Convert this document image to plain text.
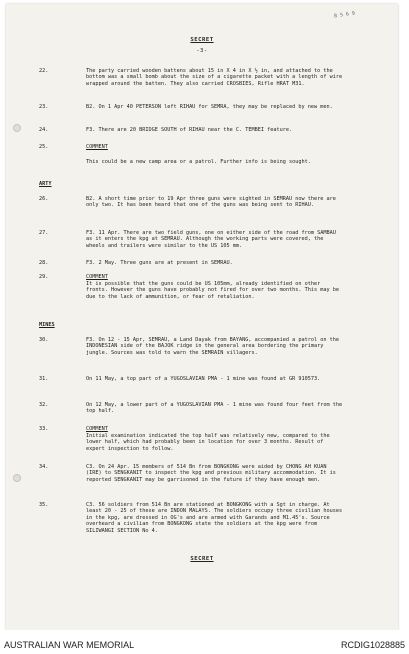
8 5 6 9
SECRET
-3-
22.	The party carried wooden battens about 15 in X 4 in X ½ in, and attached to the bottom was a small bomb about the size of a cigarette packet with a length of wire wrapped around the batten. They also carried CROSBIES, Rifle HRAT M31.
23.	B2. On 1 Apr 40 PETERSON left RIHAU for SEMRA, they may be replaced by new men.
24.	F3. There are 20 BRIDGE SOUTH of RIHAU near the C. TEMBEI feature.
25.	COMMENT
This could be a new camp area or a patrol. Further info is being sought.
ARTY
26.	B2. A short time prior to 19 Apr three guns were sighted in SEMRAU now there are only two. It has been heard that one of the guns was being sent to RIHAU.
27.	F3. 11 Apr. There are two field guns, one on either side of the road from SAMBAU as it enters the kpg at SEMRAU. Although the working parts were covered, the wheels and trailers were similar to the US 105 mm.
28.	F3. 2 May. Three guns are at present in SEMRAU.
29.	COMMENT
It is possible that the guns could be US 105mm, already identified on other fronts. However the guns have probably not fired for over two months. This may be due to the lack of ammunition, or fear of retaliation.
MINES
30.	F3. On 12 - 15 Apr, SEMRAU, a Land Dayak from BAYANG, accompanied a patrol on the INDONESIAN side of the BAJOK ridge in the general area bordering the primary jungle. Sources was told to warn the SEMRAIN villagers.
31.	On 11 May, a top part of a YUGOSLAVIAN PMA - 1 mine was found at GR 910573.
32.	On 12 May, a lower part of a YUGOSLAVIAN PMA - 1 mine was found four feet from the top half.
33.	COMMENT
Initial examination indicated the top half was relatively new, compared to the lower half, which had probably been in location for over 3 months. Result of expert inspection to follow.
34.	C3. On 24 Apr. 15 members of 514 Bn from BONGKONG were aided by CHONG AH KUAN (IRE) to SENGKANIT to inspect the kpg and previous military accommodation. It is reported SENGKANIT may be garrisoned in the future if they have enough men.
35.	C3. 56 soldiers from 514 Bn are stationed at BONGKONG with a Sgt in charge. At least 20 - 25 of these are INDON MALAYS. The soldiers occupy three civilian houses in the kpg, are dressed in OG's and are armed with Garands and M1.45's. Source overheard a civilian from BONGKONG state the soldiers at the kpg were from SILIWANGI SECTION No 4.
SECRET
AUSTRALIAN WAR MEMORIAL	RCDIG1028885
